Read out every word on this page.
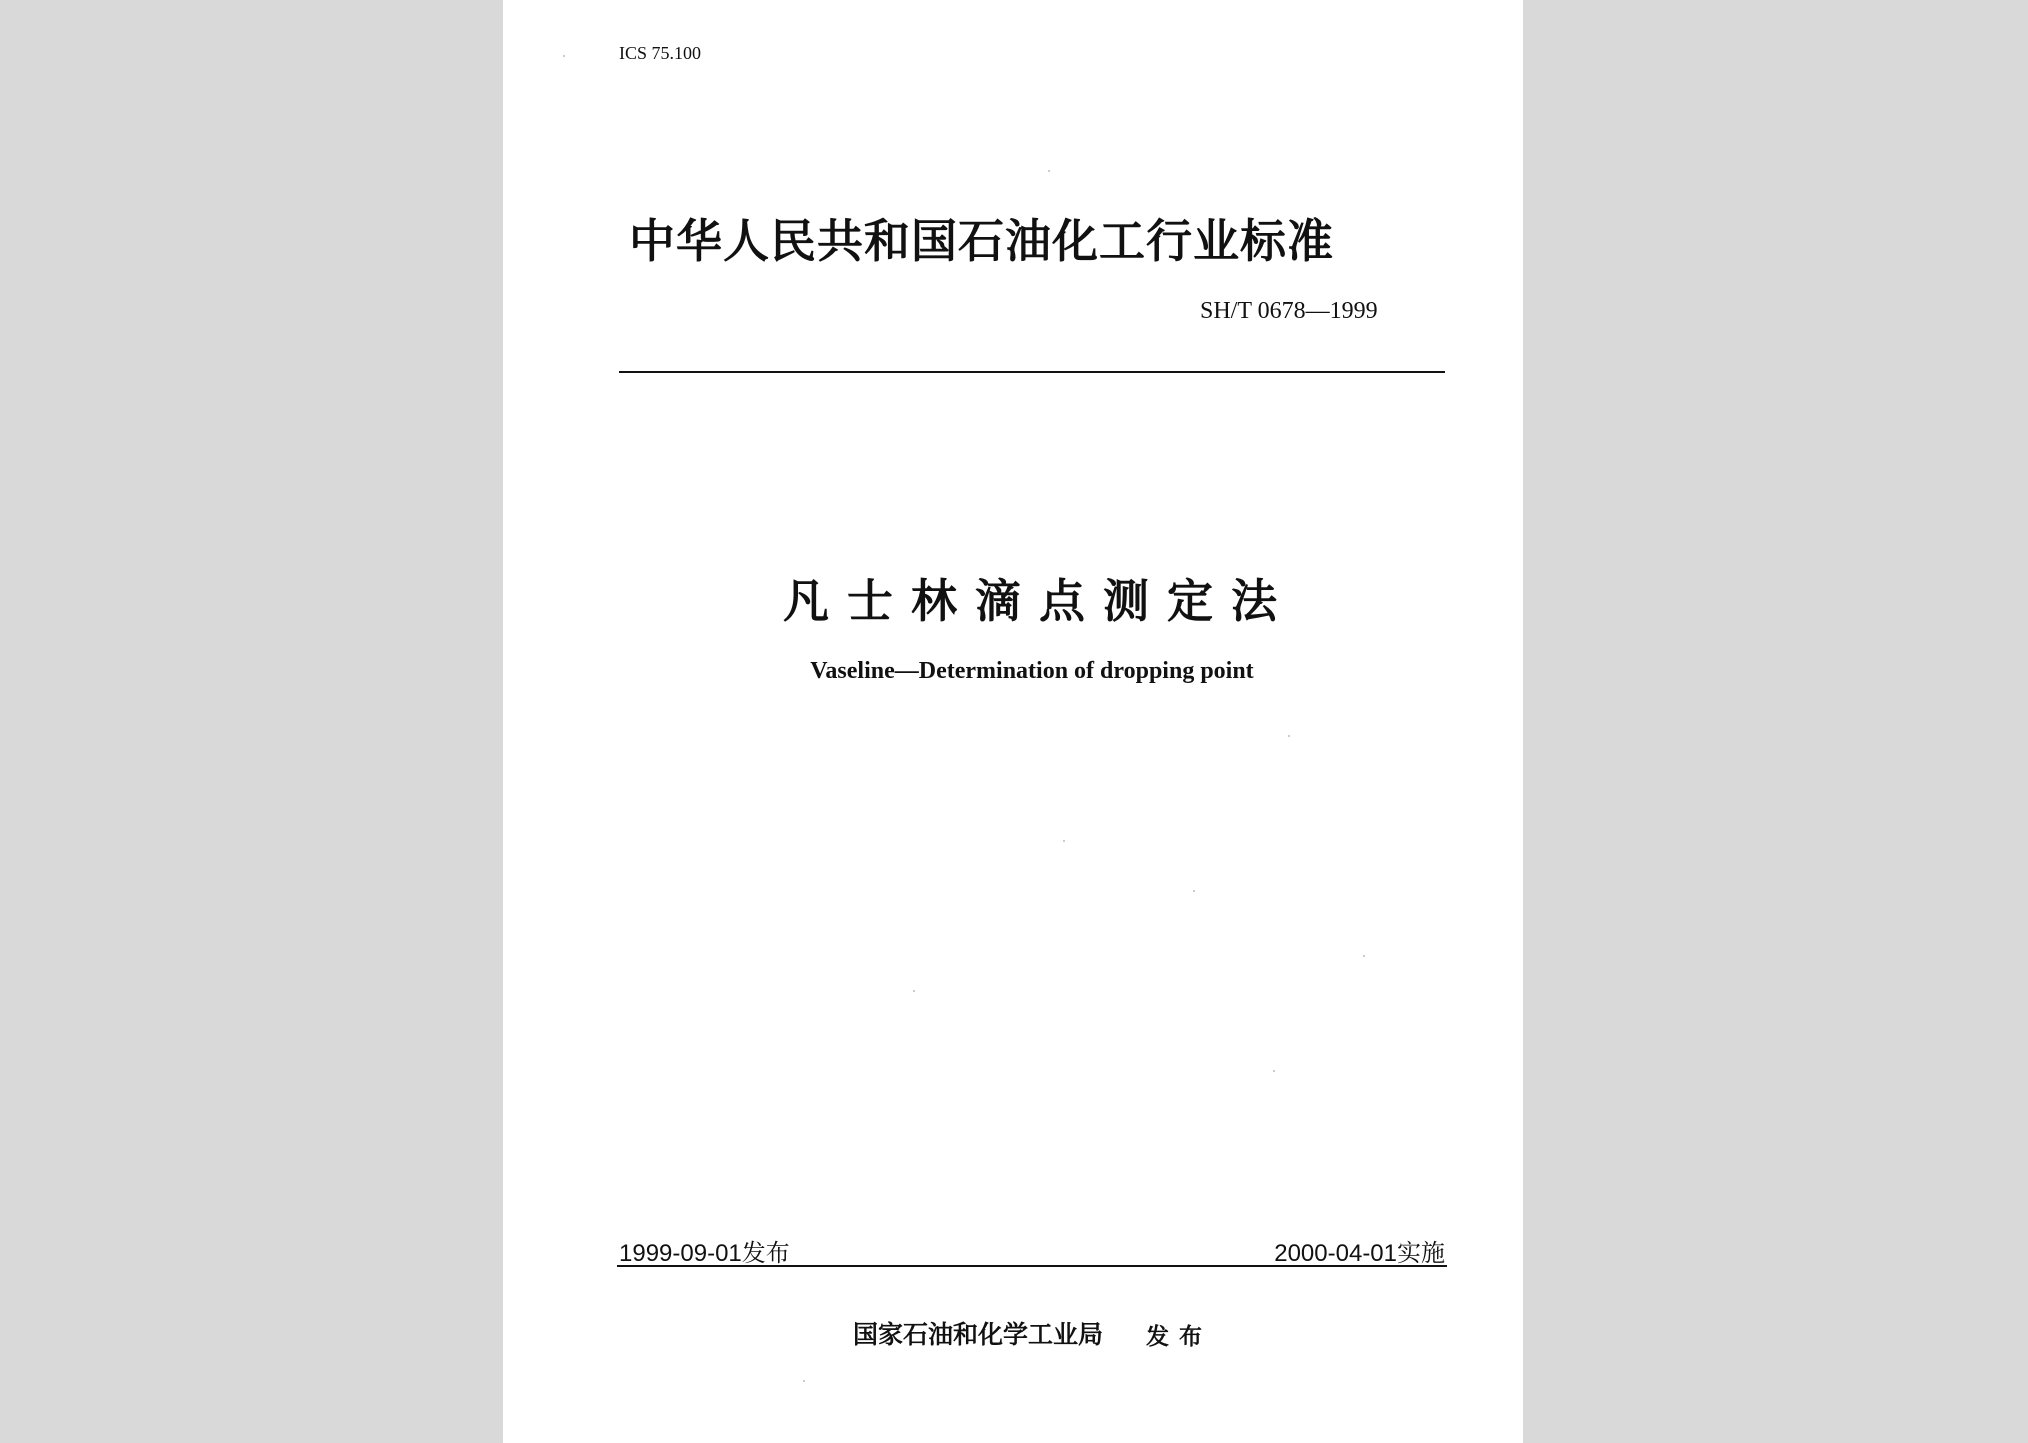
ICS 75.100
中华人民共和国石油化工行业标准
SH/T 0678—1999
凡士林滴点测定法
Vaseline—Determination of dropping point
1999-09-01发布	2000-04-01实施
国家石油和化学工业局 发布
